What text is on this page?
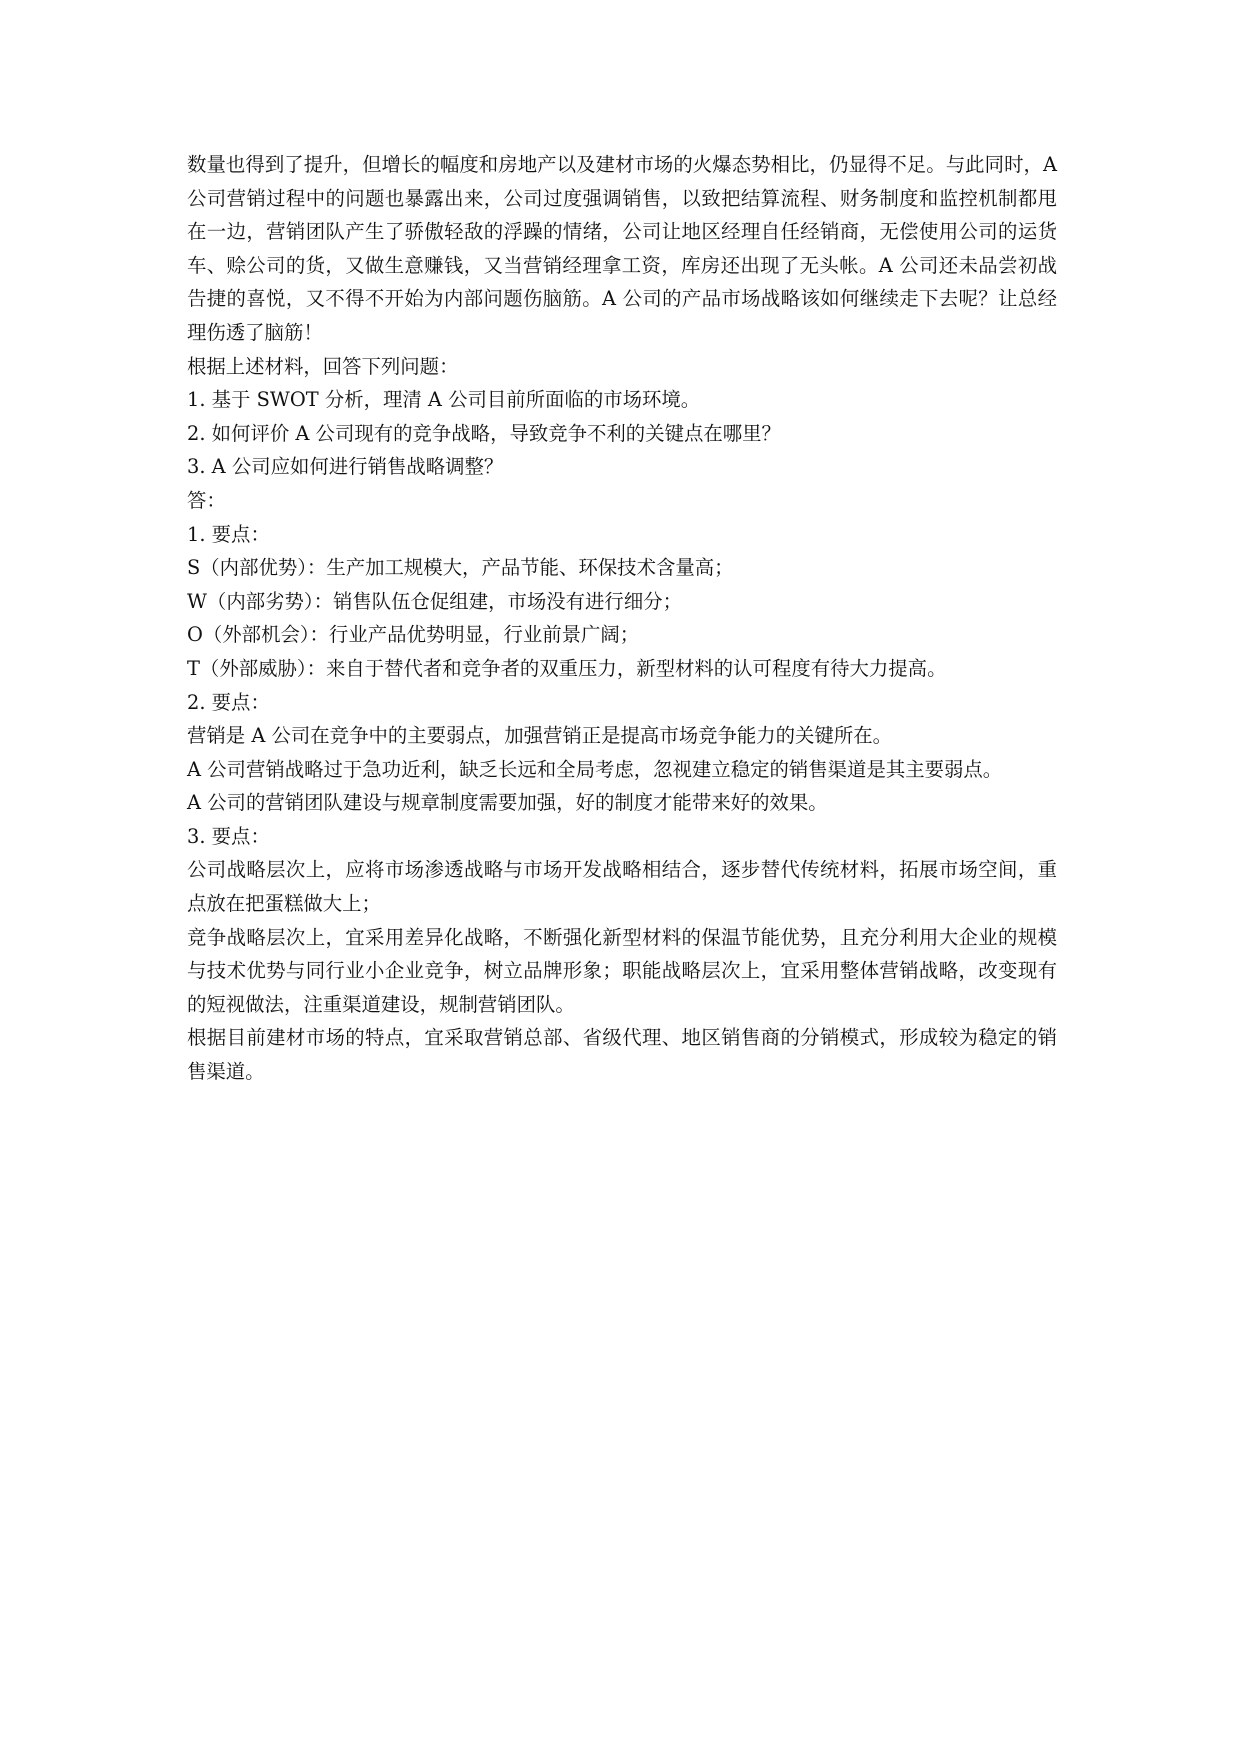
数量也得到了提升，但增长的幅度和房地产以及建材市场的火爆态势相比，仍显得不足。与此同时，A 公司营销过程中的问题也暴露出来，公司过度强调销售，以致把结算流程、财务制度和监控机制都甩在一边，营销团队产生了骄傲轻敌的浮躁的情绪，公司让地区经理自任经销商，无偿使用公司的运货车、赊公司的货，又做生意赚钱，又当营销经理拿工资，库房还出现了无头帐。A 公司还未品尝初战告捷的喜悦，又不得不开始为内部问题伤脑筋。A 公司的产品市场战略该如何继续走下去呢？让总经理伤透了脑筋！

根据上述材料，回答下列问题：

1. 基于 SWOT 分析，理清 A 公司目前所面临的市场环境。

2. 如何评价 A 公司现有的竞争战略，导致竞争不利的关键点在哪里？

3. A 公司应如何进行销售战略调整？

答：

1. 要点：

S（内部优势）：生产加工规模大，产品节能、环保技术含量高；

W（内部劣势）：销售队伍仓促组建，市场没有进行细分；

O（外部机会）：行业产品优势明显，行业前景广阔；

T（外部威胁）：来自于替代者和竞争者的双重压力，新型材料的认可程度有待大力提高。

2. 要点：

营销是 A 公司在竞争中的主要弱点，加强营销正是提高市场竞争能力的关键所在。

A 公司营销战略过于急功近利，缺乏长远和全局考虑，忽视建立稳定的销售渠道是其主要弱点。

A 公司的营销团队建设与规章制度需要加强，好的制度才能带来好的效果。

3. 要点：

公司战略层次上，应将市场渗透战略与市场开发战略相结合，逐步替代传统材料，拓展市场空间，重点放在把蛋糕做大上；

竞争战略层次上，宜采用差异化战略，不断强化新型材料的保温节能优势，且充分利用大企业的规模与技术优势与同行业小企业竞争，树立品牌形象；职能战略层次上，宜采用整体营销战略，改变现有的短视做法，注重渠道建设，规制营销团队。

根据目前建材市场的特点，宜采取营销总部、省级代理、地区销售商的分销模式，形成较为稳定的销售渠道。
